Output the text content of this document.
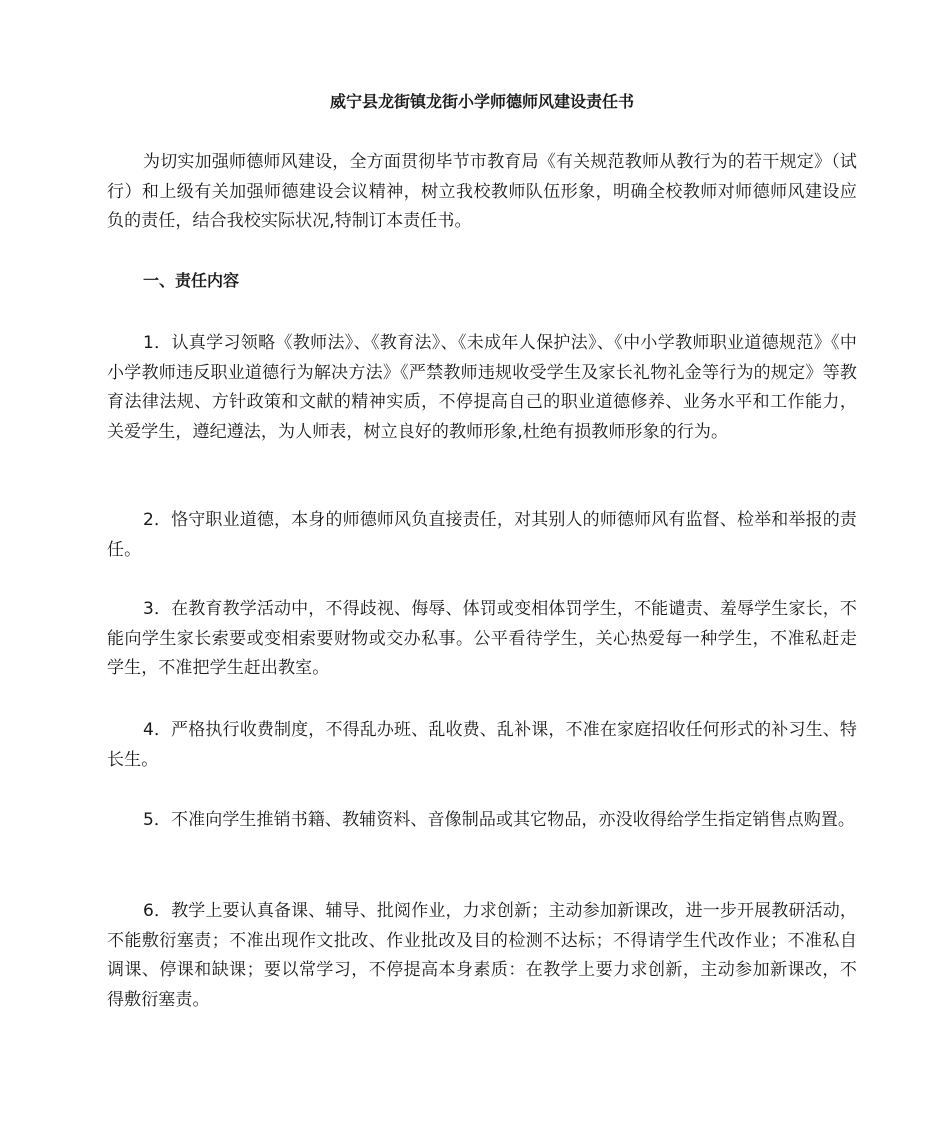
威宁县龙街镇龙街小学师德师风建设责任书

为切实加强师德师风建设，全方面贯彻毕节市教育局《有关规范教师从教行为的若干规定》（试行）和上级有关加强师德建设会议精神，树立我校教师队伍形象，明确全校教师对师德师风建设应负的责任，结合我校实际状况,特制订本责任书。

一、责任内容

1．认真学习领略《教师法》、《教育法》、《未成年人保护法》、《中小学教师职业道德规范》《中小学教师违反职业道德行为解决方法》《严禁教师违规收受学生及家长礼物礼金等行为的规定》等教育法律法规、方针政策和文献的精神实质，不停提高自己的职业道德修养、业务水平和工作能力，关爱学生，遵纪遵法，为人师表，树立良好的教师形象,杜绝有损教师形象的行为。

2．恪守职业道德，本身的师德师风负直接责任，对其别人的师德师风有监督、检举和举报的责任。

3．在教育教学活动中，不得歧视、侮辱、体罚或变相体罚学生，不能谴责、羞辱学生家长，不能向学生家长索要或变相索要财物或交办私事。公平看待学生，关心热爱每一种学生，不准私赶走学生，不准把学生赶出教室。

4．严格执行收费制度，不得乱办班、乱收费、乱补课，不准在家庭招收任何形式的补习生、特长生。

5．不准向学生推销书籍、教辅资料、音像制品或其它物品，亦没收得给学生指定销售点购置。

6．教学上要认真备课、辅导、批阅作业，力求创新；主动参加新课改，进一步开展教研活动，不能敷衍塞责；不准出现作文批改、作业批改及目的检测不达标；不得请学生代改作业；不准私自调课、停课和缺课；要以常学习，不停提高本身素质：在教学上要力求创新，主动参加新课改，不得敷衍塞责。
